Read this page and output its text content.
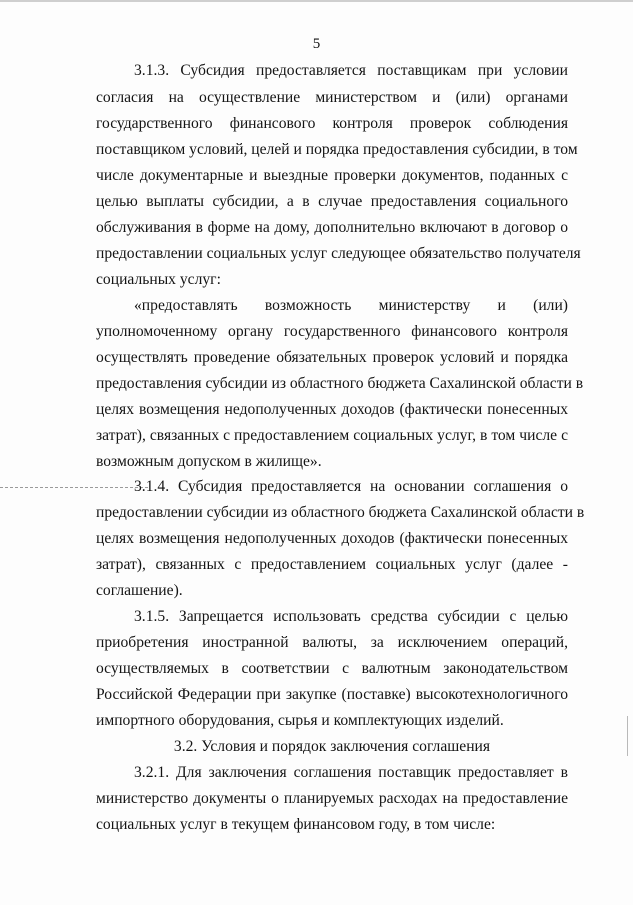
5
3.1.3. Субсидия предоставляется поставщикам при условии
согласия на осуществление министерством и (или) органами
государственного финансового контроля проверок соблюдения
поставщиком условий, целей и порядка предоставления субсидии, в том
числе документарные и выездные проверки документов, поданных с
целью выплаты субсидии, а в случае предоставления социального
обслуживания в форме на дому, дополнительно включают в договор о
предоставлении социальных услуг следующее обязательство получателя
социальных услуг:
«предоставлять возможность министерству и (или)
уполномоченному органу государственного финансового контроля
осуществлять проведение обязательных проверок условий и порядка
предоставления субсидии из областного бюджета Сахалинской области в
целях возмещения недополученных доходов (фактически понесенных
затрат), связанных с предоставлением социальных услуг, в том числе с
возможным допуском в жилище».
3.1.4. Субсидия предоставляется на основании соглашения о
предоставлении субсидии из областного бюджета Сахалинской области в
целях возмещения недополученных доходов (фактически понесенных
затрат), связанных с предоставлением социальных услуг (далее -
соглашение).
3.1.5. Запрещается использовать средства субсидии с целью
приобретения иностранной валюты, за исключением операций,
осуществляемых в соответствии с валютным законодательством
Российской Федерации при закупке (поставке) высокотехнологичного
импортного оборудования, сырья и комплектующих изделий.
3.2. Условия и порядок заключения соглашения
3.2.1. Для заключения соглашения поставщик предоставляет в
министерство документы о планируемых расходах на предоставление
социальных услуг в текущем финансовом году, в том числе:
